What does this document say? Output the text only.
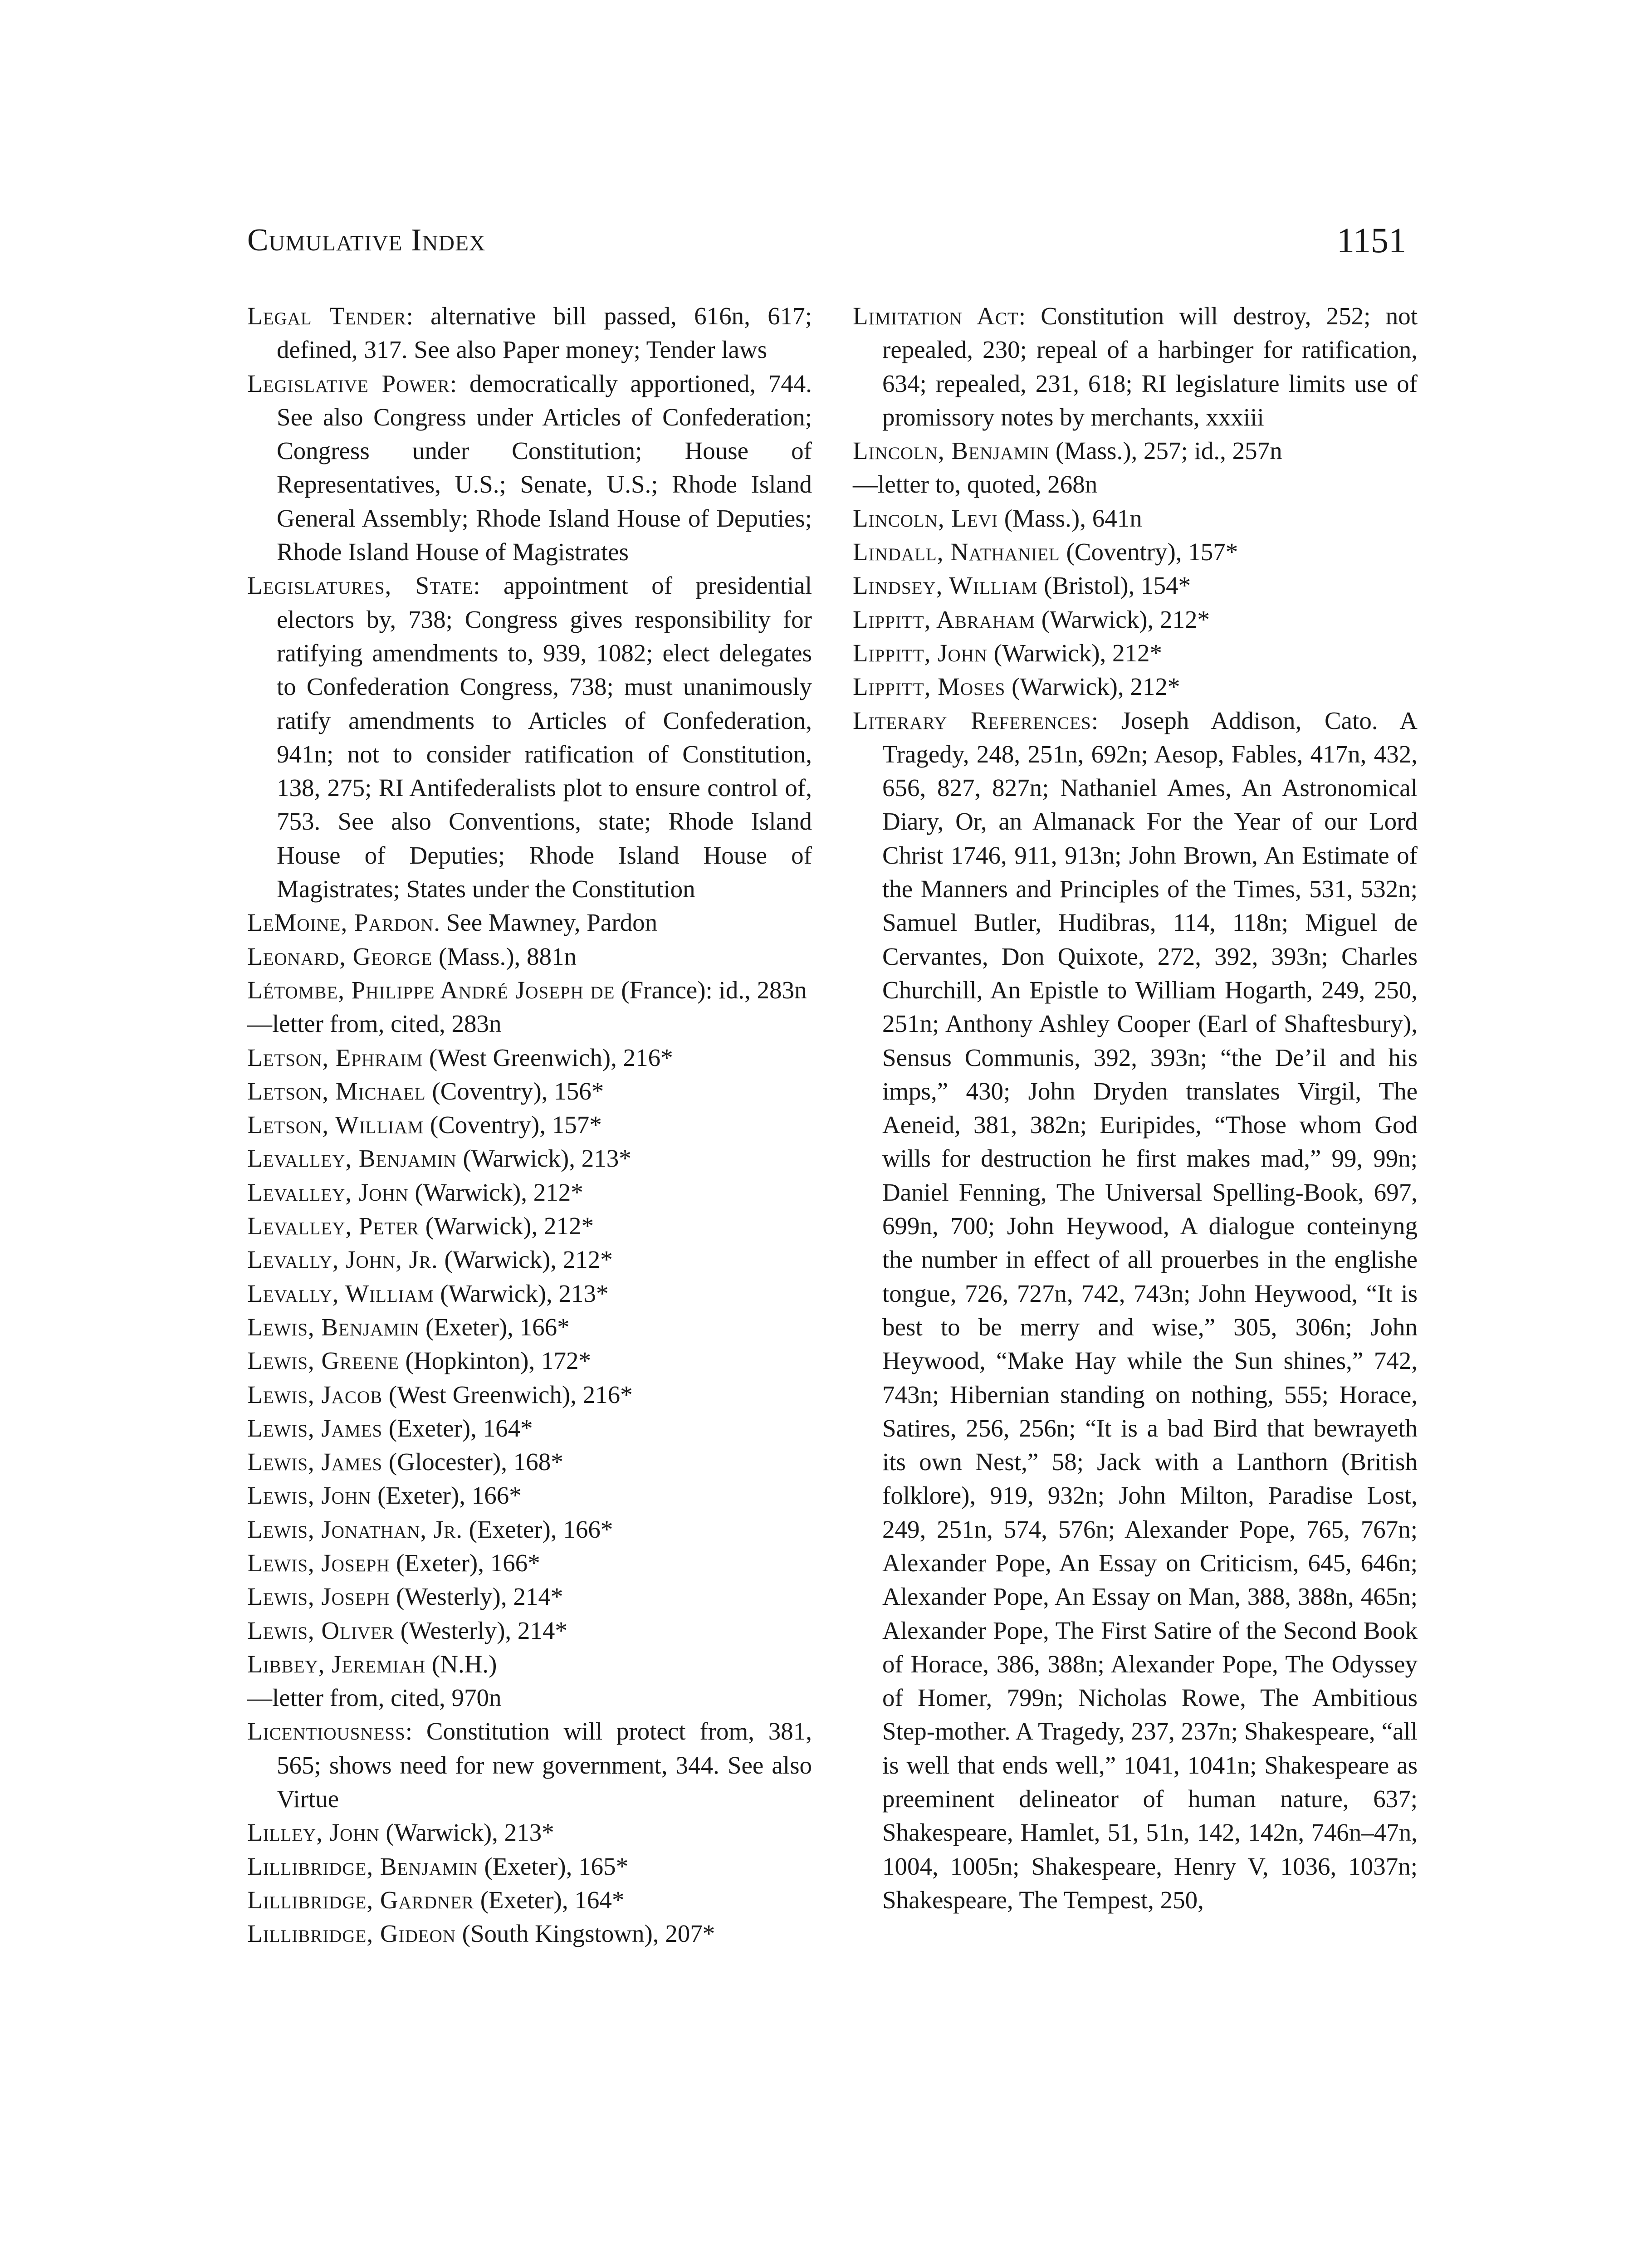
Cumulative Index	1151

Legal Tender: alternative bill passed, 616n, 617; defined, 317. See also Paper money; Tender laws

Legislative Power: democratically apportioned, 744. See also Congress under Articles of Confederation; Congress under Constitution; House of Representatives, U.S.; Senate, U.S.; Rhode Island General Assembly; Rhode Island House of Deputies; Rhode Island House of Magistrates

Legislatures, State: appointment of presidential electors by, 738; Congress gives responsibility for ratifying amendments to, 939, 1082; elect delegates to Confederation Congress, 738; must unanimously ratify amendments to Articles of Confederation, 941n; not to consider ratification of Constitution, 138, 275; RI Antifederalists plot to ensure control of, 753. See also Conventions, state; Rhode Island House of Deputies; Rhode Island House of Magistrates; States under the Constitution

LeMoine, Pardon. See Mawney, Pardon

Leonard, George (Mass.), 881n

Létombe, Philippe André Joseph de (France): id., 283n

—letter from, cited, 283n

Letson, Ephraim (West Greenwich), 216*

Letson, Michael (Coventry), 156*

Letson, William (Coventry), 157*

Levalley, Benjamin (Warwick), 213*

Levalley, John (Warwick), 212*

Levalley, Peter (Warwick), 212*

Levally, John, Jr. (Warwick), 212*

Levally, William (Warwick), 213*

Lewis, Benjamin (Exeter), 166*

Lewis, Greene (Hopkinton), 172*

Lewis, Jacob (West Greenwich), 216*

Lewis, James (Exeter), 164*

Lewis, James (Glocester), 168*

Lewis, John (Exeter), 166*

Lewis, Jonathan, Jr. (Exeter), 166*

Lewis, Joseph (Exeter), 166*

Lewis, Joseph (Westerly), 214*

Lewis, Oliver (Westerly), 214*

Libbey, Jeremiah (N.H.)

—letter from, cited, 970n

Licentiousness: Constitution will protect from, 381, 565; shows need for new government, 344. See also Virtue

Lilley, John (Warwick), 213*

Lillibridge, Benjamin (Exeter), 165*

Lillibridge, Gardner (Exeter), 164*

Lillibridge, Gideon (South Kingstown), 207*

Limitation Act: Constitution will destroy, 252; not repealed, 230; repeal of a harbinger for ratification, 634; repealed, 231, 618; RI legislature limits use of promissory notes by merchants, xxxiii

Lincoln, Benjamin (Mass.), 257; id., 257n

—letter to, quoted, 268n

Lincoln, Levi (Mass.), 641n

Lindall, Nathaniel (Coventry), 157*

Lindsey, William (Bristol), 154*

Lippitt, Abraham (Warwick), 212*

Lippitt, John (Warwick), 212*

Lippitt, Moses (Warwick), 212*

Literary References: Joseph Addison, Cato. A Tragedy, 248, 251n, 692n; Aesop, Fables, 417n, 432, 656, 827, 827n; Nathaniel Ames, An Astronomical Diary, Or, an Almanack For the Year of our Lord Christ 1746, 911, 913n; John Brown, An Estimate of the Manners and Principles of the Times, 531, 532n; Samuel Butler, Hudibras, 114, 118n; Miguel de Cervantes, Don Quixote, 272, 392, 393n; Charles Churchill, An Epistle to William Hogarth, 249, 250, 251n; Anthony Ashley Cooper (Earl of Shaftesbury), Sensus Communis, 392, 393n; “the De’il and his imps,” 430; John Dryden translates Virgil, The Aeneid, 381, 382n; Euripides, “Those whom God wills for destruction he first makes mad,” 99, 99n; Daniel Fenning, The Universal Spelling-Book, 697, 699n, 700; John Heywood, A dialogue conteinyng the number in effect of all prouerbes in the englishe tongue, 726, 727n, 742, 743n; John Heywood, “It is best to be merry and wise,” 305, 306n; John Heywood, “Make Hay while the Sun shines,” 742, 743n; Hibernian standing on nothing, 555; Horace, Satires, 256, 256n; “It is a bad Bird that bewrayeth its own Nest,” 58; Jack with a Lanthorn (British folklore), 919, 932n; John Milton, Paradise Lost, 249, 251n, 574, 576n; Alexander Pope, 765, 767n; Alexander Pope, An Essay on Criticism, 645, 646n; Alexander Pope, An Essay on Man, 388, 388n, 465n; Alexander Pope, The First Satire of the Second Book of Horace, 386, 388n; Alexander Pope, The Odyssey of Homer, 799n; Nicholas Rowe, The Ambitious Step-mother. A Tragedy, 237, 237n; Shakespeare, “all is well that ends well,” 1041, 1041n; Shakespeare as preeminent delineator of human nature, 637; Shakespeare, Hamlet, 51, 51n, 142, 142n, 746n–47n, 1004, 1005n; Shakespeare, Henry V, 1036, 1037n; Shakespeare, The Tempest, 250,
